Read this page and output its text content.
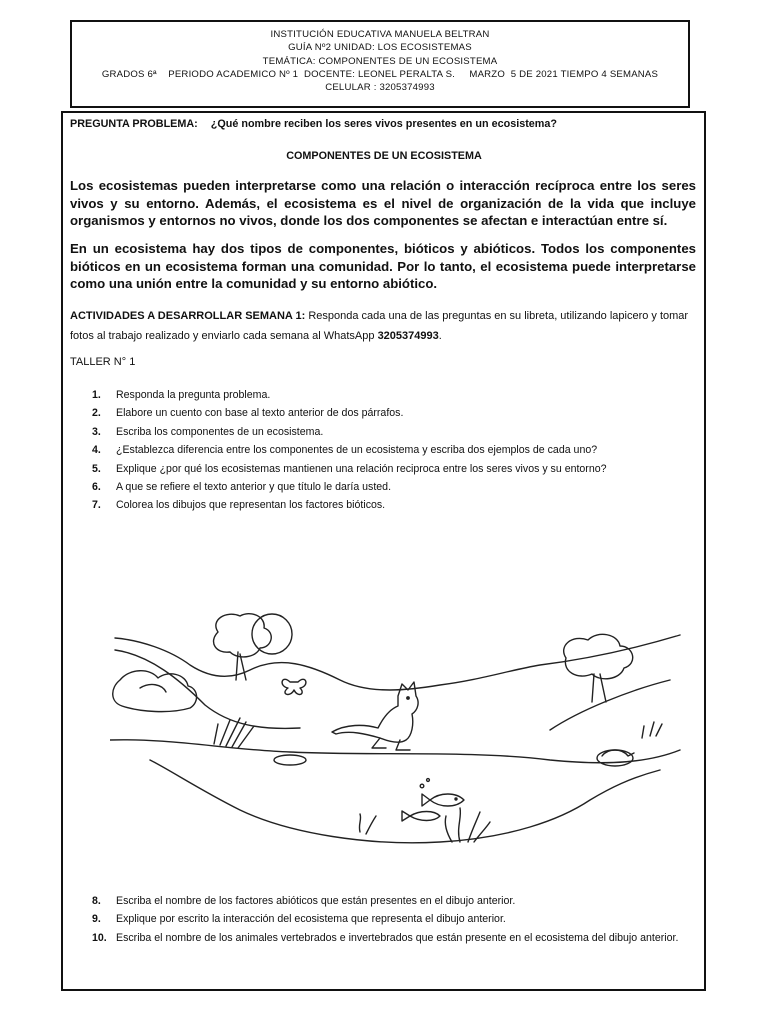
INSTITUCIÓN EDUCATIVA MANUELA BELTRAN
GUÍA Nº2 UNIDAD: LOS ECOSISTEMAS
TEMÁTICA: COMPONENTES DE UN ECOSISTEMA
GRADOS 6ª    PERIODO ACADEMICO Nº 1  DOCENTE: LEONEL PERALTA S.     MARZO  5 DE 2021 TIEMPO 4 SEMANAS
CELULAR : 3205374993
PREGUNTA PROBLEMA: ¿Qué nombre reciben los seres vivos presentes en un ecosistema?
COMPONENTES DE UN ECOSISTEMA
Los ecosistemas pueden interpretarse como una relación o interacción recíproca entre los seres vivos y su entorno. Además, el ecosistema es el nivel de organización de la vida que incluye organismos y entornos no vivos, donde los dos componentes se afectan e interactúan entre sí.
En un ecosistema hay dos tipos de componentes, bióticos y abióticos. Todos los componentes bióticos en un ecosistema forman una comunidad. Por lo tanto, el ecosistema puede interpretarse como una unión entre la comunidad y su entorno abiótico.
ACTIVIDADES A DESARROLLAR SEMANA 1: Responda cada una de las preguntas en su libreta, utilizando lapicero y tomar fotos al trabajo realizado y enviarlo cada semana al WhatsApp 3205374993.
TALLER N° 1
1. Responda la pregunta problema.
2. Elabore un cuento con base al texto anterior de dos párrafos.
3. Escriba los componentes de un ecosistema.
4. ¿Establezca diferencia entre los componentes de un ecosistema y escriba dos ejemplos de cada uno?
5. Explique ¿por qué los ecosistemas mantienen una relación reciproca entre los seres vivos y su entorno?
6. A que se refiere el texto anterior y que título le daría usted.
7. Colorea los dibujos que representan los factores bióticos.
8. Escriba el nombre de los factores abióticos que están presentes en el dibujo anterior.
9. Explique por escrito la interacción del ecosistema que representa el dibujo anterior.
10. Escriba el nombre de los animales vertebrados e invertebrados que están presente en el ecosistema del dibujo anterior.
